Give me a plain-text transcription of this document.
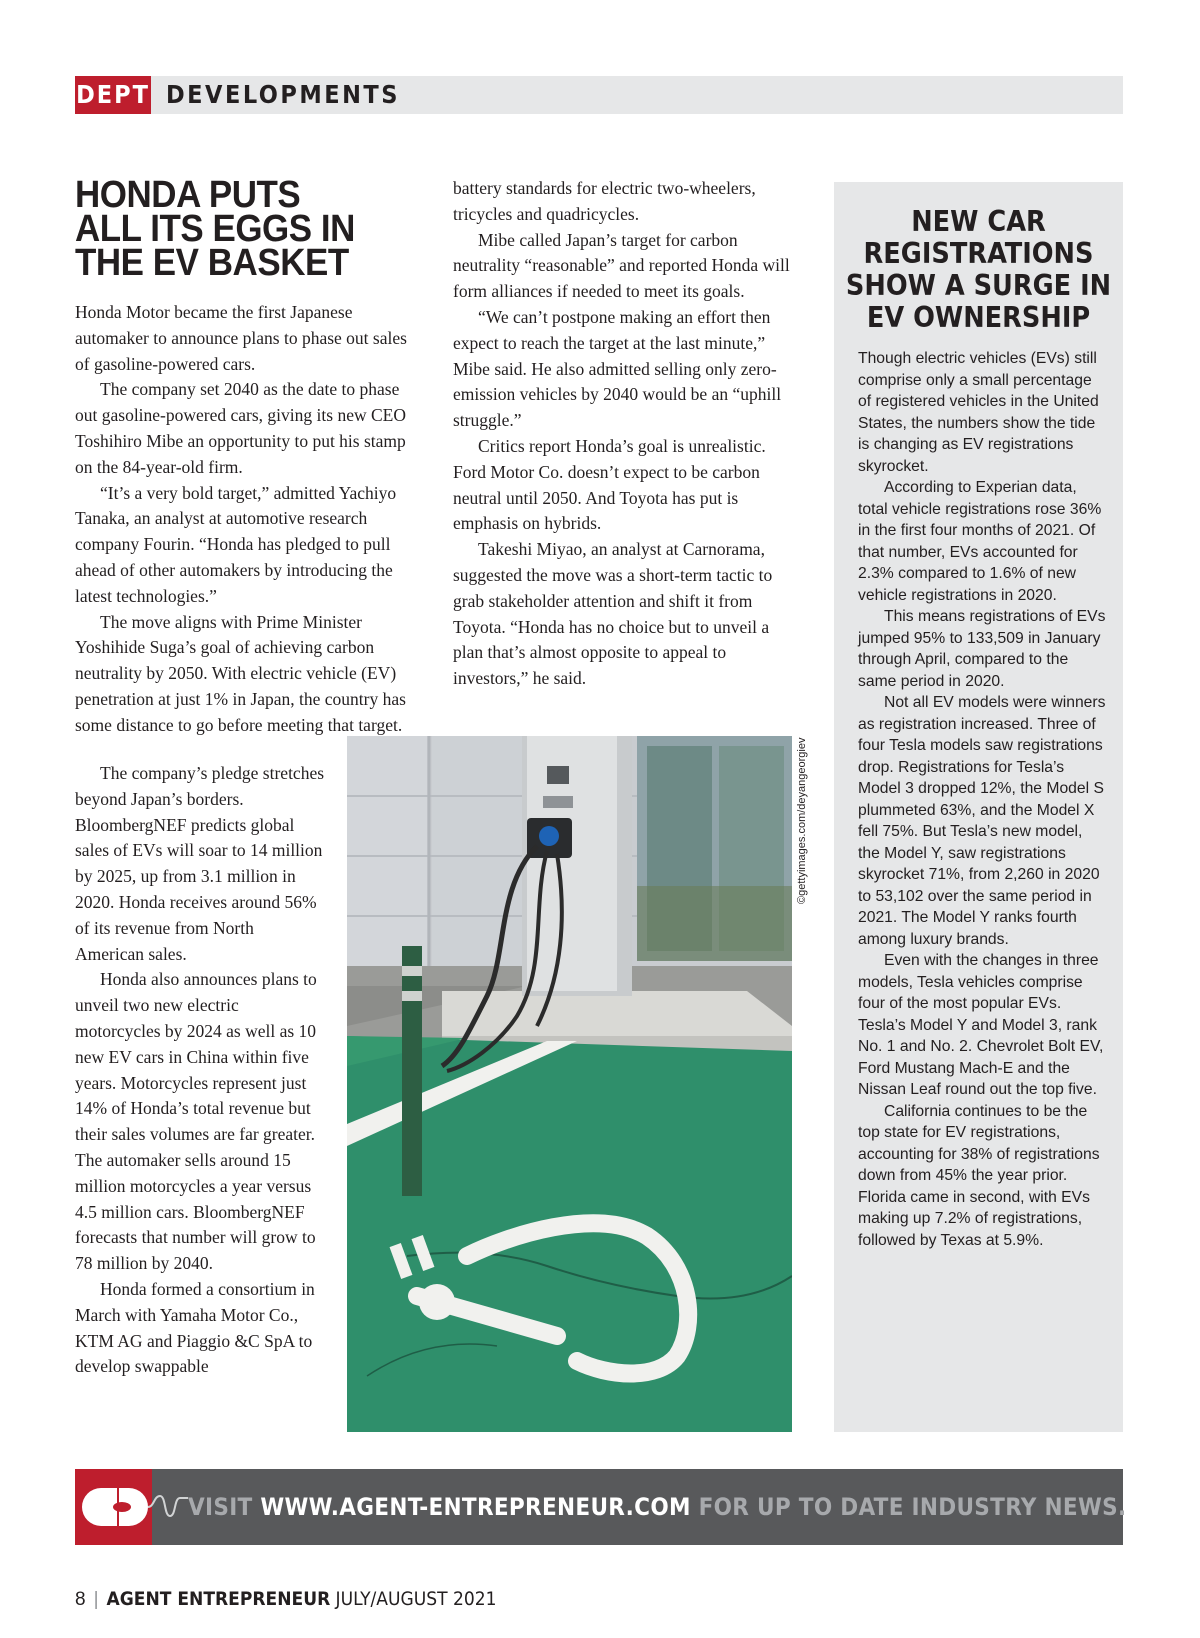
DEPT DEVELOPMENTS
HONDA PUTS ALL ITS EGGS IN THE EV BASKET

Honda Motor became the first Japanese automaker to announce plans to phase out sales of gasoline-powered cars.

The company set 2040 as the date to phase out gasoline-powered cars, giving its new CEO Toshihiro Mibe an opportunity to put his stamp on the 84-year-old firm.

“It’s a very bold target,” admitted Yachiyo Tanaka, an analyst at automotive research company Fourin. “Honda has pledged to pull ahead of other automakers by introducing the latest technologies.”

The move aligns with Prime Minister Yoshihide Suga’s goal of achieving carbon neutrality by 2050. With electric vehicle (EV) penetration at just 1% in Japan, the country has some distance to go before meeting that target.

The company’s pledge stretches beyond Japan’s borders. BloombergNEF predicts global sales of EVs will soar to 14 million by 2025, up from 3.1 million in 2020. Honda receives around 56% of its revenue from North American sales.

Honda also announces plans to unveil two new electric motorcycles by 2024 as well as 10 new EV cars in China within five years. Motorcycles represent just 14% of Honda’s total revenue but their sales volumes are far greater. The automaker sells around 15 million motorcycles a year versus 4.5 million cars. BloombergNEF forecasts that number will grow to 78 million by 2040.

Honda formed a consortium in March with Yamaha Motor Co., KTM AG and Piaggio &C SpA to develop swappable

battery standards for electric two-wheelers, tricycles and quadricycles.

Mibe called Japan’s target for carbon neutrality “reasonable” and reported Honda will form alliances if needed to meet its goals.

“We can’t postpone making an effort then expect to reach the target at the last minute,” Mibe said. He also admitted selling only zero-emission vehicles by 2040 would be an “uphill struggle.”

Critics report Honda’s goal is unrealistic. Ford Motor Co. doesn’t expect to be carbon neutral until 2050. And Toyota has put is emphasis on hybrids.

Takeshi Miyao, an analyst at Carnorama, suggested the move was a short-term tactic to grab stakeholder attention and shift it from Toyota. “Honda has no choice but to unveil a plan that’s almost opposite to appeal to investors,” he said.

©gettyimages.com/deyangeorgiev
NEW CAR REGISTRATIONS SHOW A SURGE IN EV OWNERSHIP

Though electric vehicles (EVs) still comprise only a small percentage of registered vehicles in the United States, the numbers show the tide is changing as EV registrations skyrocket.

According to Experian data, total vehicle registrations rose 36% in the first four months of 2021. Of that number, EVs accounted for 2.3% compared to 1.6% of new vehicle registrations in 2020.

This means registrations of EVs jumped 95% to 133,509 in January through April, compared to the same period in 2020.

Not all EV models were winners as registration increased. Three of four Tesla models saw registrations drop. Registrations for Tesla’s Model 3 dropped 12%, the Model S plummeted 63%, and the Model X fell 75%. But Tesla’s new model, the Model Y, saw registrations skyrocket 71%, from 2,260 in 2020 to 53,102 over the same period in 2021. The Model Y ranks fourth among luxury brands.

Even with the changes in three models, Tesla vehicles comprise four of the most popular EVs. Tesla’s Model Y and Model 3, rank No. 1 and No. 2. Chevrolet Bolt EV, Ford Mustang Mach-E and the Nissan Leaf round out the top five.

California continues to be the top state for EV registrations, accounting for 38% of registrations down from 45% the year prior. Florida came in second, with EVs making up 7.2% of registrations, followed by Texas at 5.9%.

VISIT WWW.AGENT-ENTREPRENEUR.COM FOR UP TO DATE INDUSTRY NEWS.
8 | AGENT ENTREPRENEUR JULY/AUGUST 2021
